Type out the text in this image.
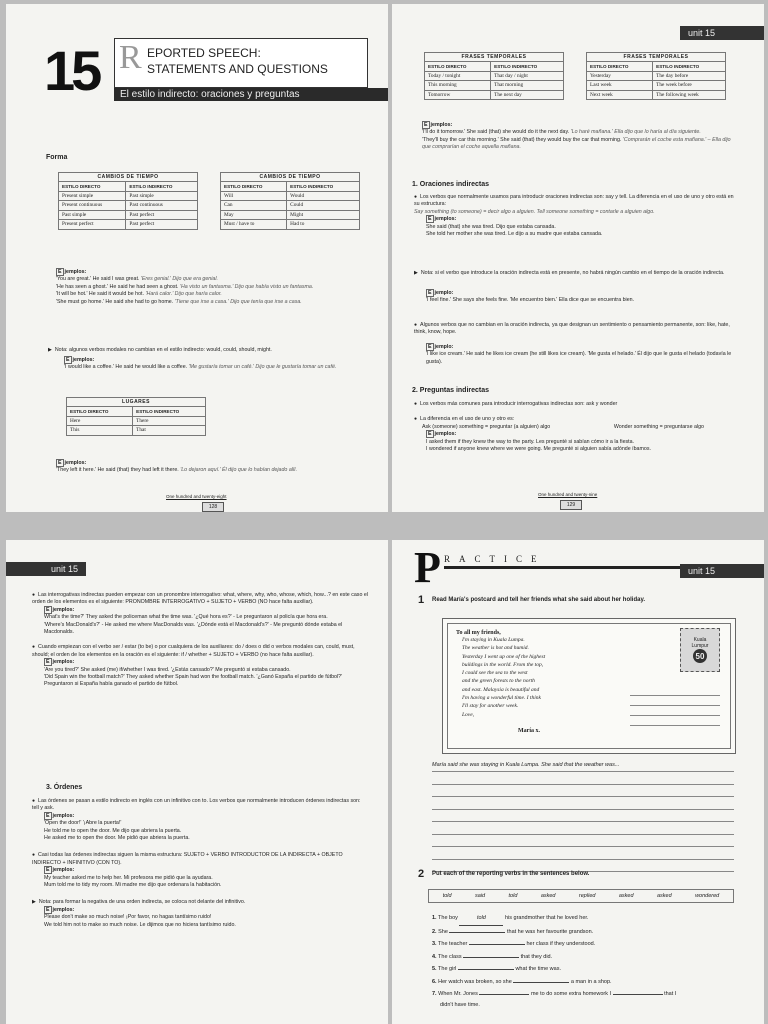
15 R EPORTED SPEECH:
STATEMENTS AND QUESTIONS
El estilo indirecto: oraciones y preguntas
Forma
CAMBIOS DE TIEMPO
ESTILO DIRECTO	ESTILO INDIRECTO
Present simple	Past simple
Present continuous	Past continuous
Past simple	Past perfect
Present perfect	Past perfect
CAMBIOS DE TIEMPO
ESTILO DIRECTO	ESTILO INDIRECTO
Will	Would
Can	Could
May	Might
Must / have to	Had to
E jemplos:
'You are great.' He said I was great. 'Eres genial.' Dijo que era genial.
'He has seen a ghost.' He said he had seen a ghost. 'Ha visto un fantasma.' Dijo que había visto un fantasma.
'It will be hot.' He said it would be hot. 'Hará calor.' Dijo que haría calor.
'She must go home.' He said she had to go home. 'Tiene que irse a casa.' Dijo que tenía que irse a casa.
▶ Nota: algunos verbos modales no cambian en el estilo indirecto: would, could, should, might.
E jemplos:
'I would like a coffee.' He said he would like a coffee. 'Me gustaría tomar un café.' Dijo que le gustaría tomar un café.
LUGARES
ESTILO DIRECTO	ESTILO INDIRECTO
Here	There
This	That
E jemplos:
'They left it here.' He said (that) they had left it there. 'Lo dejaron aquí.' Él dijo que lo habían dejado allí.
One hundred and twenty-eight
128
unit 15
FRASES TEMPORALES
ESTILO DIRECTO	ESTILO INDIRECTO
Today / tonight	That day / night
This morning	That morning
Tomorrow	The next day
FRASES TEMPORALES
ESTILO DIRECTO	ESTILO INDIRECTO
Yesterday	The day before
Last week	The week before
Next week	The following week
E jemplos:
'I'll do it tomorrow.' She said (that) she would do it the next day. 'Lo haré mañana.' Ella dijo que lo haría al día siguiente.
'They'll buy the car this morning.' She said (that) they would buy the car that morning. 'Comprarán el coche esta mañana.' – Ella dijo que comprarían el coche aquella mañana.
1. Oraciones indirectas
● Los verbos que normalmente usamos para introducir oraciones indirectas son: say y tell. La diferencia en el uso de uno y otro está en su estructura:
Say something (to someone) = decir algo a alguien. Tell someone something = contarle a alguien algo.
E jemplos:
She said (that) she was tired. Dijo que estaba cansada.
She told her mother she was tired. Le dijo a su madre que estaba cansada.
▶ Nota: si el verbo que introduce la oración indirecta está en presente, no habrá ningún cambio en el tiempo de la oración indirecta.
E jemplo:
'I feel fine.' She says she feels fine. 'Me encuentro bien.' Ella dice que se encuentra bien.
● Algunos verbos que no cambian en la oración indirecta, ya que designan un sentimiento o pensamiento permanente, son: like, hate, think, know, hope.
E jemplo:
'I like ice cream.' He said he likes ice cream (he still likes ice cream). 'Me gusta el helado.' Él dijo que le gusta el helado (todavía le gusta).
2. Preguntas indirectas
● Los verbos más comunes para introducir interrogativas indirectas son: ask y wonder
● La diferencia en el uso de uno y otro es:
Ask (someone) something = preguntar (a alguien) algo	Wonder something = preguntarse algo
E jemplos:
I asked them if they knew the way to the party. Les pregunté si sabían cómo ir a la fiesta.
I wondered if anyone knew where we were going. Me pregunté si alguien sabía adónde íbamos.
One hundred and twenty-nine
129
unit 15
● Las interrogativas indirectas pueden empezar con un pronombre interrogativo: what, where, why, who, whose, which, how...? en este caso el orden de los elementos es el siguiente: PRONOMBRE INTERROGATIVO + SUJETO + VERBO (NO hace falta auxiliar).
E jemplos:
What's the time?' They asked the policeman what the time was. '¿Qué hora es?' - Le preguntaron al policía que hora era.
'Where's MacDonald's?' - He asked me where MacDonalds was. '¿Dónde está el Macdonald's?' - Me preguntó dónde estaba el Macdonalds.
● Cuando empiezan con el verbo ser / estar (to be) o por cualquiera de los auxiliares: do / does o did o verbos modales can, could, must, should; el orden de los elementos en la oración es el siguiente: if / whether + SUJETO + VERBO (no hace falta auxiliar).
E jemplos:
'Are you tired?' She asked (me) if/whether I was tired. '¿Estás cansado?' Me preguntó si estaba cansado.
'Did Spain win the football match?' They asked whether Spain had won the football match. '¿Ganó España el partido de fútbol?' Preguntaron si España había ganado el partido de fútbol.
3. Órdenes
● Las órdenes se pasan a estilo indirecto en inglés con un infinitivo con to. Los verbos que normalmente introducen órdenes indirectas son: tell y ask.
E jemplos:
'Open the door!' '¡Abre la puerta!'
He told me to open the door. Me dijo que abriera la puerta.
He asked me to open the door. Me pidió que abriera la puerta.
● Casi todas las órdenes indirectas siguen la misma estructura: SUJETO + VERBO INTRODUCTOR DE LA INDIRECTA + OBJETO INDIRECTO + INFINITIVO (CON TO).
E jemplos:
My teacher asked me to help her. Mi profesora me pidió que la ayudara.
Mum told me to tidy my room. Mi madre me dijo que ordenara la habitación.
▶ Nota: para formar la negativa de una orden indirecta, se coloca not delante del infinitivo.
E jemplos:
Please don't make so much noise! ¡Por favor, no hagas tantísimo ruido!
We told him not to make so much noise. Le dijimos que no hiciera tantísimo ruido.
P RACTICE
unit 15
1 Read María's postcard and tell her friends what she said about her holiday.
To all my friends,
I'm staying in Kuala Lumpa.
The weather is hot and humid.
Yesterday I went up one of the highest
buildings in the world. From the top,
I could see the sea to the west
and the green forests to the north
and east. Malaysia is beautiful and
I'm having a wonderful time. I think
I'll stay for another week.
Love,
María x.
Kuala
Lumpur
50
María said she was staying in Kuala Lumpa. She said that the weather was...
2 Put each of the reporting verbs in the sentences below.
told	said	told	asked	replied	asked	asked	wondered
1. The boy	told	his grandmother that he loved her.
2. She	that he was her favourite grandson.
3. The teacher	her class if they understood.
4. The class	that they did.
5. The girl	what the time was.
6. Her watch was broken, so she	a man in a shop.
7. When Mr. Jones	me to do some extra homework I	that I
didn't have time.
